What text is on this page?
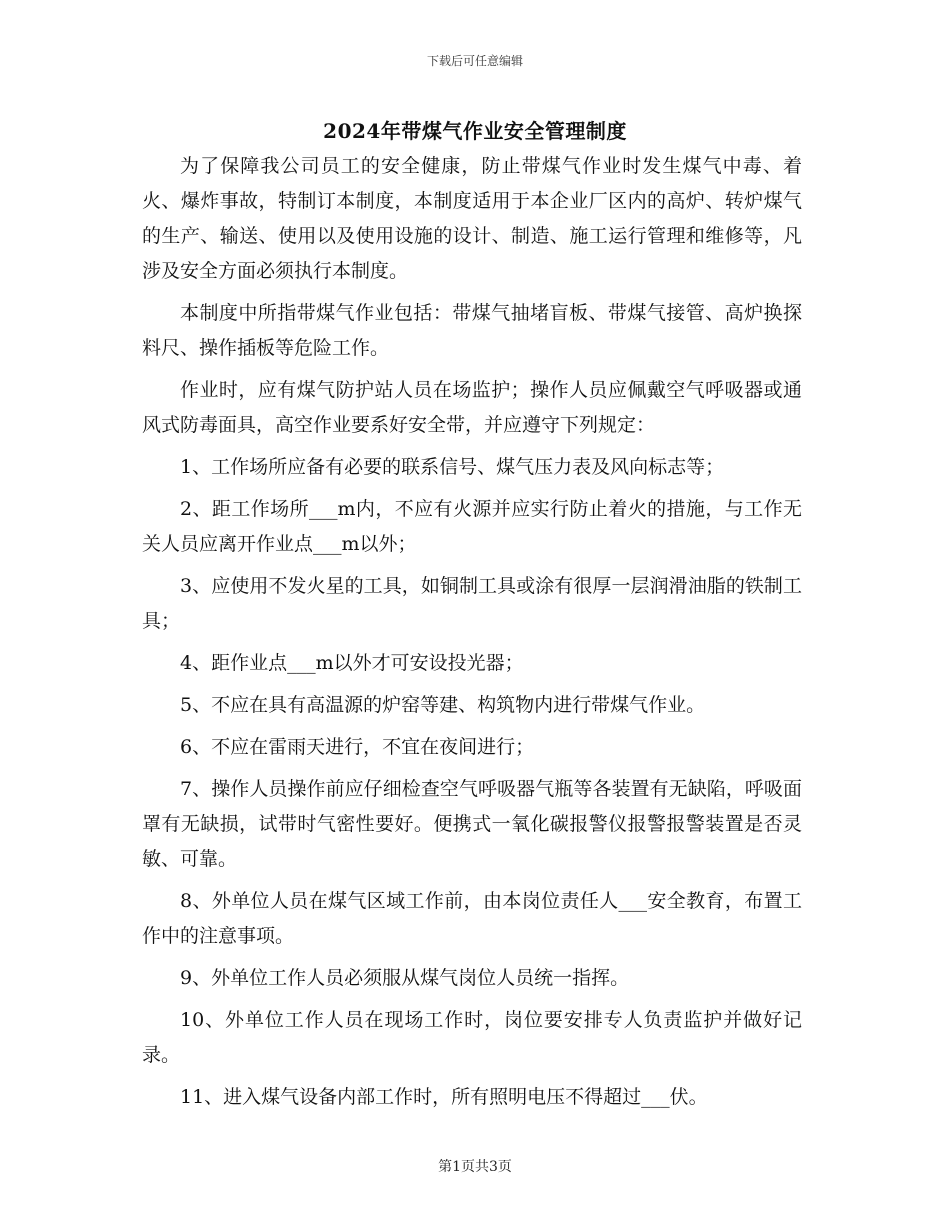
下载后可任意编辑
2024年带煤气作业安全管理制度

为了保障我公司员工的安全健康，防止带煤气作业时发生煤气中毒、着火、爆炸事故，特制订本制度，本制度适用于本企业厂区内的高炉、转炉煤气的生产、输送、使用以及使用设施的设计、制造、施工运行管理和维修等，凡涉及安全方面必须执行本制度。

本制度中所指带煤气作业包括：带煤气抽堵盲板、带煤气接管、高炉换探料尺、操作插板等危险工作。

作业时，应有煤气防护站人员在场监护；操作人员应佩戴空气呼吸器或通风式防毒面具，高空作业要系好安全带，并应遵守下列规定：

1、工作场所应备有必要的联系信号、煤气压力表及风向标志等；

2、距工作场所___m内，不应有火源并应实行防止着火的措施，与工作无关人员应离开作业点___m以外；

3、应使用不发火星的工具，如铜制工具或涂有很厚一层润滑油脂的铁制工具；

4、距作业点___m以外才可安设投光器；

5、不应在具有高温源的炉窑等建、构筑物内进行带煤气作业。

6、不应在雷雨天进行，不宜在夜间进行；

7、操作人员操作前应仔细检查空气呼吸器气瓶等各装置有无缺陷，呼吸面罩有无缺损，试带时气密性要好。便携式一氧化碳报警仪报警报警装置是否灵敏、可靠。

8、外单位人员在煤气区域工作前，由本岗位责任人___安全教育，布置工作中的注意事项。

9、外单位工作人员必须服从煤气岗位人员统一指挥。

10、外单位工作人员在现场工作时，岗位要安排专人负责监护并做好记录。

11、进入煤气设备内部工作时，所有照明电压不得超过___伏。

第1页共3页
